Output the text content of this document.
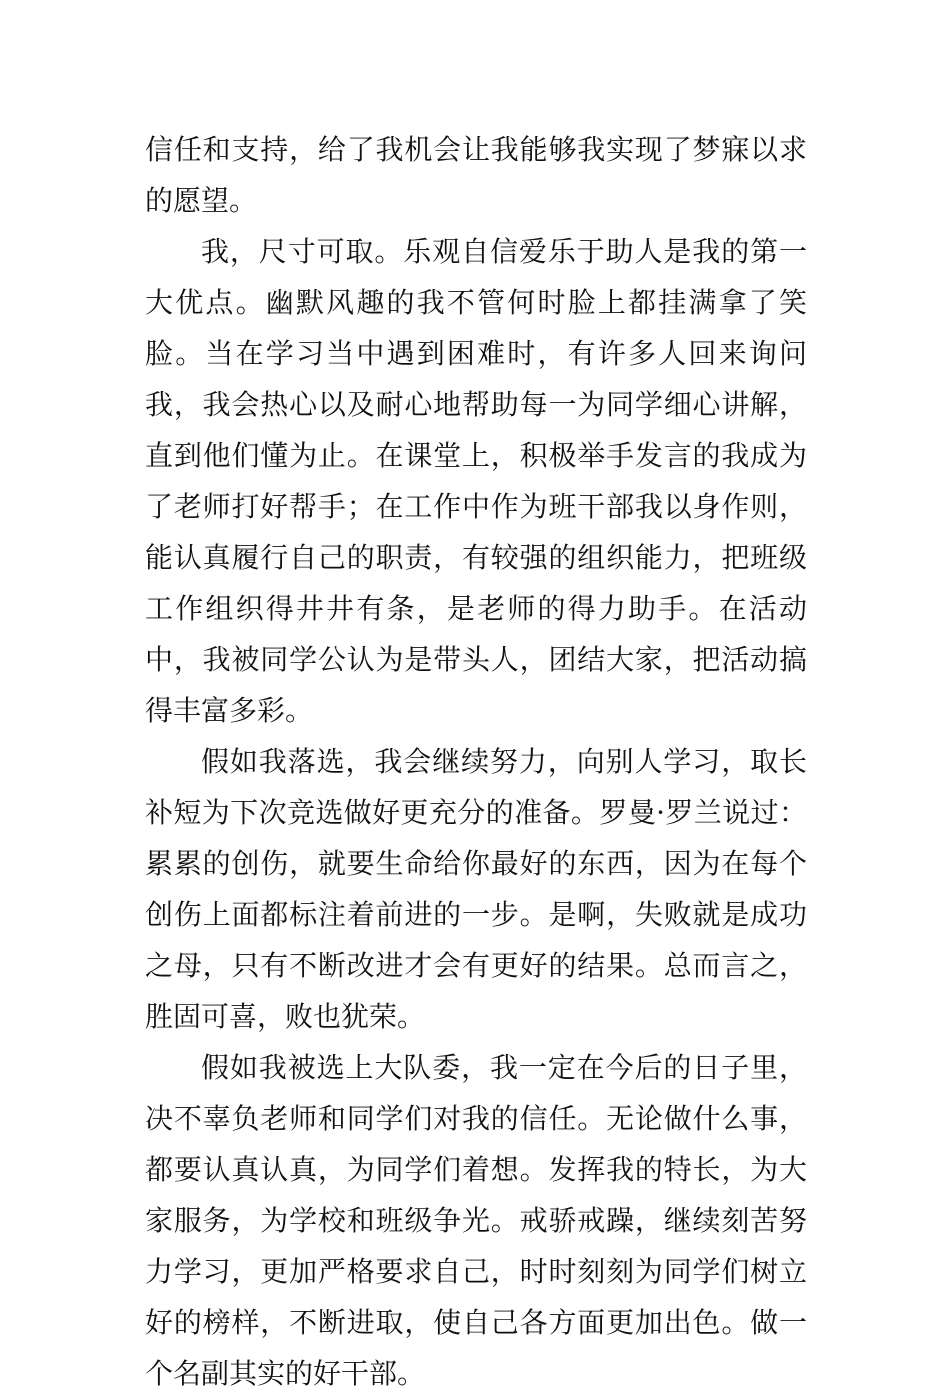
信任和支持，给了我机会让我能够我实现了梦寐以求的愿望。

我，尺寸可取。乐观自信爱乐于助人是我的第一大优点。幽默风趣的我不管何时脸上都挂满拿了笑脸。当在学习当中遇到困难时，有许多人回来询问我，我会热心以及耐心地帮助每一为同学细心讲解，直到他们懂为止。在课堂上，积极举手发言的我成为了老师打好帮手；在工作中作为班干部我以身作则，能认真履行自己的职责，有较强的组织能力，把班级工作组织得井井有条，是老师的得力助手。在活动中，我被同学公认为是带头人，团结大家，把活动搞得丰富多彩。

假如我落选，我会继续努力，向别人学习，取长补短为下次竞选做好更充分的准备。罗曼·罗兰说过：累累的创伤，就要生命给你最好的东西，因为在每个创伤上面都标注着前进的一步。是啊，失败就是成功之母，只有不断改进才会有更好的结果。总而言之，胜固可喜，败也犹荣。

假如我被选上大队委，我一定在今后的日子里，决不辜负老师和同学们对我的信任。无论做什么事，都要认真认真，为同学们着想。发挥我的特长，为大家服务，为学校和班级争光。戒骄戒躁，继续刻苦努力学习，更加严格要求自己，时时刻刻为同学们树立好的榜样，不断进取，使自己各方面更加出色。做一个名副其实的好干部。
